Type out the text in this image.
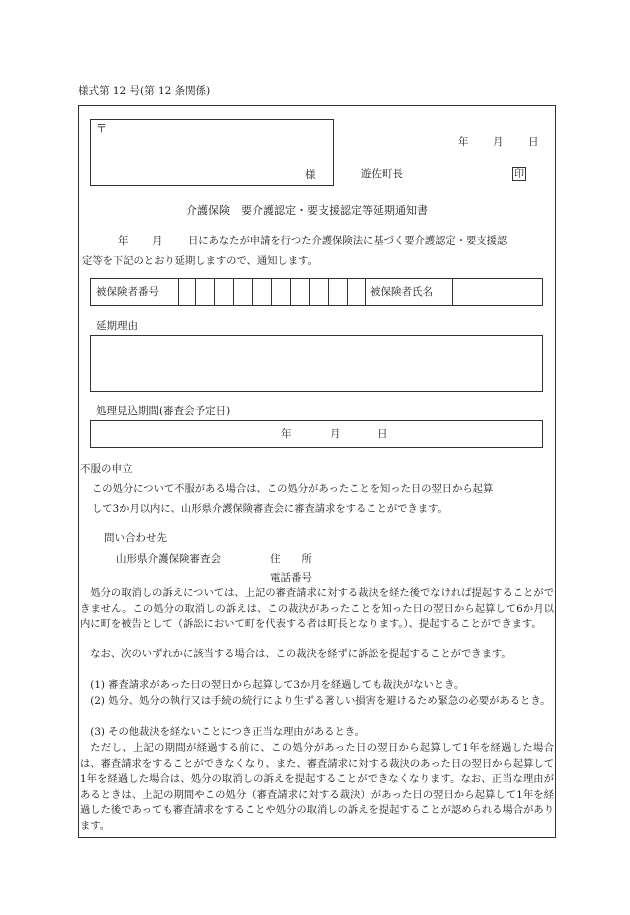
様式第 12 号(第 12 条関係)
〒
様
年 月 日
遊佐町長	印
介護保険　要介護認定・要支援認定等延期通知書
年 月 日にあなたが申請を行つた介護保険法に基づく要介護認定・要支援認
定等を下記のとおり延期しますので、通知します。
被保険者番号	被保険者氏名
延期理由
処理見込期間(審査会予定日)
年	月	日
不服の申立
この処分について不服がある場合は、この処分があったことを知った日の翌日から起算
して3か月以内に、山形県介護保険審査会に審査請求をすることができます。
問い合わせ先
山形県介護保険審査会	住　　所
電話番号
処分の取消しの訴えについては、上記の審査請求に対する裁決を経た後でなければ提起することができません。この処分の取消しの訴えは、この裁決があったことを知った日の翌日から起算して6か月以内に町を被告として（訴訟において町を代表する者は町長となります。）、提起することができます。
なお、次のいずれかに該当する場合は、この裁決を経ずに訴訟を提起することができます。
(1) 審査請求があった日の翌日から起算して3か月を経過しても裁決がないとき。
(2) 処分、処分の執行又は手続の続行により生ずる著しい損害を避けるため緊急の必要があるとき。
(3) その他裁決を経ないことにつき正当な理由があるとき。
ただし、上記の期間が経過する前に、この処分があった日の翌日から起算して1年を経過した場合は、審査請求をすることができなくなり、また、審査請求に対する裁決のあった日の翌日から起算して1年を経過した場合は、処分の取消しの訴えを提起することができなくなります。なお、正当な理由があるときは、上記の期間やこの処分（審査請求に対する裁決）があった日の翌日から起算して1年を経過した後であっても審査請求をすることや処分の取消しの訴えを提起することが認められる場合があります。
